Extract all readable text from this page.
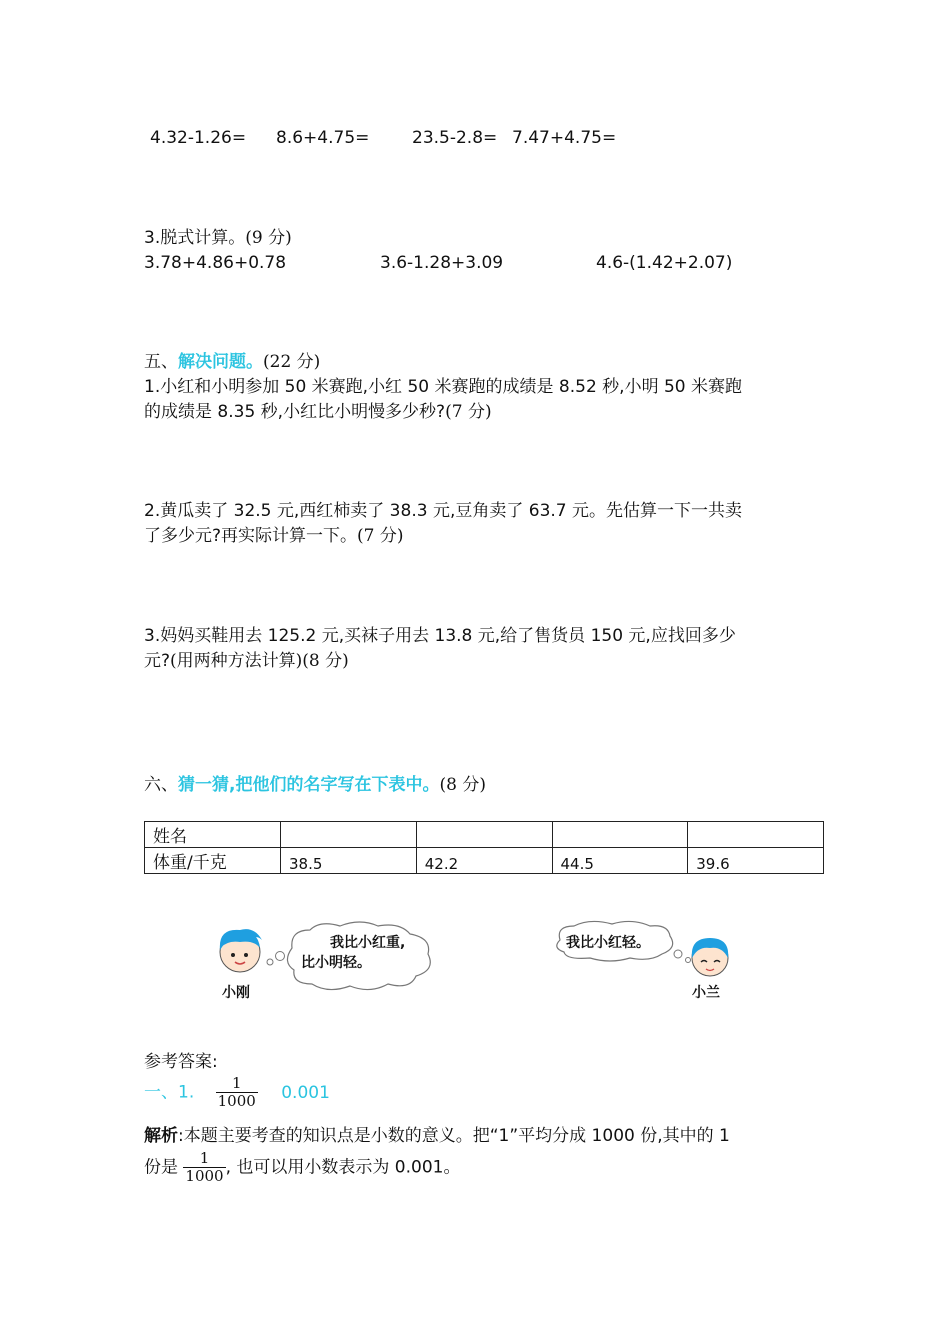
4.32-1.26= 8.6+4.75=	23.5-2.8= 7.47+4.75=
3.脱式计算。(9 分)
3.78+4.86+0.78	3.6-1.28+3.09	4.6-(1.42+2.07)
五、解决问题。(22 分)
1.小红和小明参加 50 米赛跑,小红 50 米赛跑的成绩是 8.52 秒,小明 50 米赛跑
的成绩是 8.35 秒,小红比小明慢多少秒?(7 分)
2.黄瓜卖了 32.5 元,西红柿卖了 38.3 元,豆角卖了 63.7 元。先估算一下一共卖
了多少元?再实际计算一下。(7 分)
3.妈妈买鞋用去 125.2 元,买袜子用去 13.8 元,给了售货员 150 元,应找回多少
元?(用两种方法计算)(8 分)
六、猜一猜,把他们的名字写在下表中。(8 分)
姓名				
体重/千克	38.5	42.2	44.5	39.6
我比小红重,
比小明轻。
小刚
我比小红轻。
小兰
参考答案:
一、1. $\frac{1}{1000} 0.001$
解析:本题主要考查的知识点是小数的意义。把“1”平均分成 1000 份,其中的 1
份是 $\frac{1}{1000}$ , 也可以用小数表示为 0.001。
